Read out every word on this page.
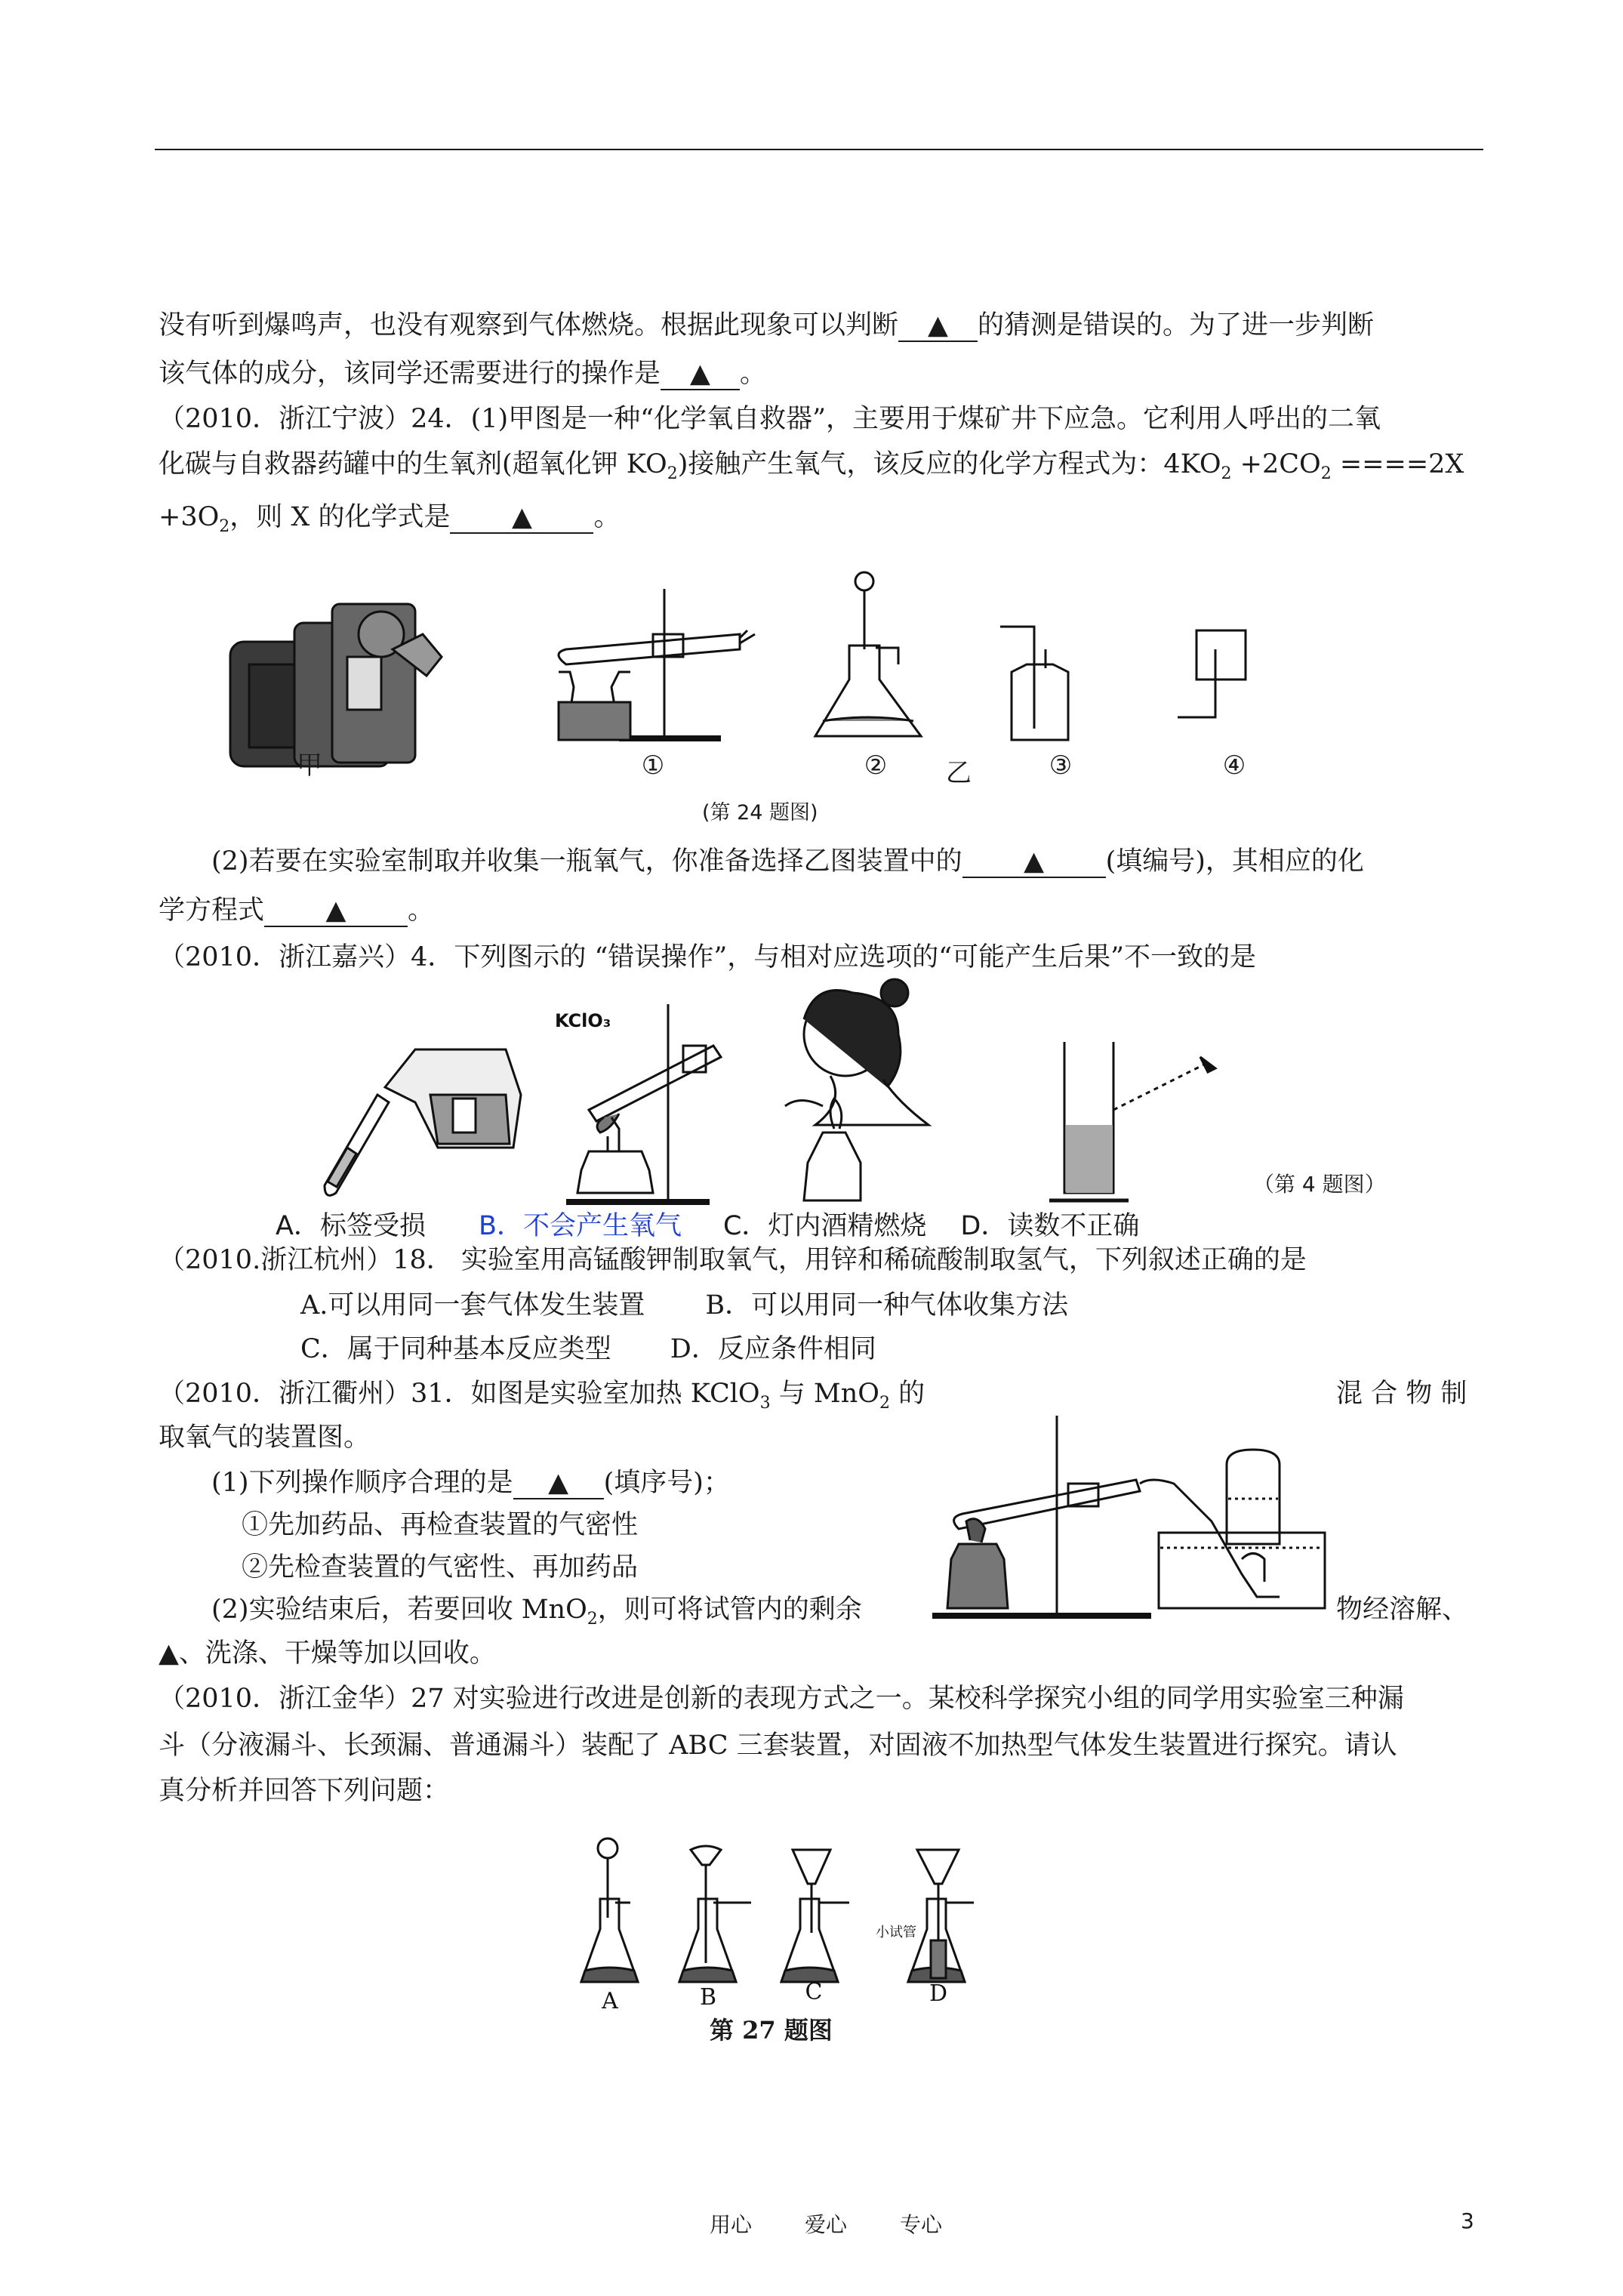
没有听到爆鸣声，也没有观察到气体燃烧。根据此现象可以判断 ▲ 的猜测是错误的。为了进一步判断
该气体的成分，该同学还需要进行的操作是 ▲ 。
（2010．浙江宁波）24．(1)甲图是一种“化学氧自救器”，主要用于煤矿井下应急。它利用人呼出的二氧
化碳与自救器药罐中的生氧剂(超氧化钾 $KO_2$)接触产生氧气，该反应的化学方程式为：$4KO_2 +2CO_2 ====2X$
$+3O_2$，则 X 的化学式是 ▲ 。
甲	①	② 乙	③	④
(第 24 题图)
(2)若要在实验室制取并收集一瓶氧气，你准备选择乙图装置中的 ▲ (填编号)，其相应的化
学方程式 ▲ 。
（2010．浙江嘉兴）4．下列图示的 “错误操作”，与相对应选项的“可能产生后果”不一致的是
KClO₃
（第 4 题图）
A．标签受损 B．不会产生氧气 C．灯内酒精燃烧 D．读数不正确
（2010.浙江杭州）18． 实验室用高锰酸钾制取氧气，用锌和稀硫酸制取氢气，下列叙述正确的是
A.可以用同一套气体发生装置 B．可以用同一种气体收集方法
C．属于同种基本反应类型 D．反应条件相同
（2010．浙江衢州）31．如图是实验室加热 KClO$_3$ 与 MnO$_2$ 的	混 合 物 制
取氧气的装置图。
(1)下列操作顺序合理的是 ▲ (填序号)；
①先加药品、再检查装置的气密性
②先检查装置的气密性、再加药品
(2)实验结束后，若要回收 MnO$_2$，则可将试管内的剩余	物经溶解、
▲、洗涤、干燥等加以回收。
（2010．浙江金华）27 对实验进行改进是创新的表现方式之一。某校科学探究小组的同学用实验室三种漏
斗（分液漏斗、长颈漏、普通漏斗）装配了 ABC 三套装置，对固液不加热型气体发生装置进行探究。请认
真分析并回答下列问题：
A	B	C	D
小试管
第 27 题图
用心	爱心	专心	3
